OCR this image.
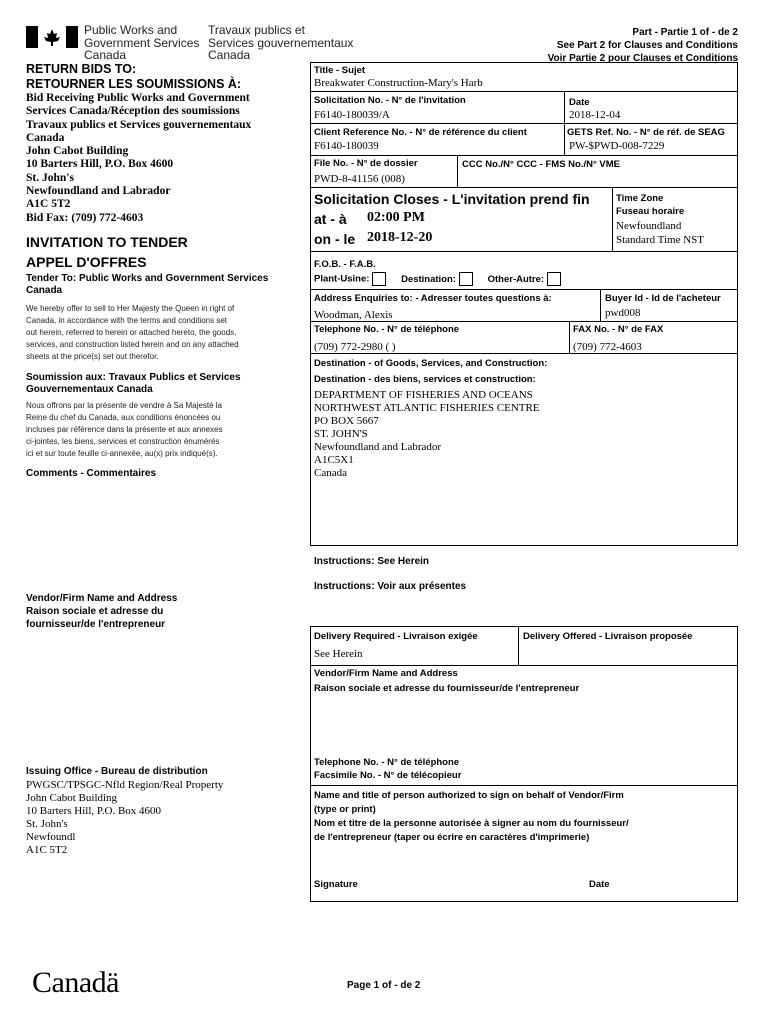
Public Works and
Government Services
Canada
Travaux publics et
Services gouvernementaux
Canada
Part - Partie 1 of - de 2
See Part 2 for Clauses and Conditions
Voir Partie 2 pour Clauses et Conditions
RETURN BIDS TO:
RETOURNER LES SOUMISSIONS À:
Bid Receiving Public Works and Government
Services Canada/Réception des soumissions
Travaux publics et Services gouvernementaux
Canada
John Cabot Building
10 Barters Hill, P.O. Box 4600
St. John's
Newfoundland and Labrador
A1C 5T2
Bid Fax: (709) 772-4603
INVITATION TO TENDER
APPEL D'OFFRES
Tender To: Public Works and Government Services Canada
We hereby offer to sell to Her Majesty the Queen in right of
Canada, in accordance with the terms and conditions set
out herein, referred to herein or attached hereto, the goods,
services, and construction listed herein and on any attached
sheets at the price(s) set out therefor.
Soumission aux: Travaux Publics et Services Gouvernementaux Canada
Nous offrons par la présente de vendre à Sa Majesté la
Reine du chef du Canada, aux conditions énoncées ou
incluses par référence dans la présente et aux annexes
ci-jointes, les biens, services et construction énumérés
ici et sur toute feuille ci-annexée, au(x) prix indiqué(s).
Comments - Commentaires
Vendor/Firm Name and Address
Raison sociale et adresse du
fournisseur/de l'entrepreneur
Issuing Office - Bureau de distribution
PWGSC/TPSGC-Nfld Region/Real Property
John Cabot Building
10 Barters Hill, P.O. Box 4600
St. John's
Newfoundl
A1C 5T2
Title - Sujet
Breakwater Construction-Mary's Harb
Solicitation No. - N° de l'invitation
F6140-180039/A
Date
2018-12-04
Client Reference No. - N° de référence du client
F6140-180039
GETS Ref. No. - N° de réf. de SEAG
PW-$PWD-008-7229
File No. - N° de dossier
PWD-8-41156 (008)
CCC No./N° CCC - FMS No./N° VME
Solicitation Closes - L'invitation prend fin
at - à 02:00 PM
on - le 2018-12-20
Time Zone
Fuseau horaire
Newfoundland
Standard Time NST
F.O.B. - F.A.B.
Plant-Usine:	Destination:	Other-Autre:
Address Enquiries to: - Adresser toutes questions à:
Woodman, Alexis
Buyer Id - Id de l'acheteur
pwd008
Telephone No. - N° de téléphone
(709) 772-2980 ( )
FAX No. - N° de FAX
(709) 772-4603
Destination - of Goods, Services, and Construction:
Destination - des biens, services et construction:
DEPARTMENT OF FISHERIES AND OCEANS
NORTHWEST ATLANTIC FISHERIES CENTRE
PO BOX 5667
ST. JOHN'S
Newfoundland and Labrador
A1C5X1
Canada
Instructions: See Herein
Instructions: Voir aux présentes
Delivery Required - Livraison exigée	Delivery Offered - Livraison proposée
See Herein
Vendor/Firm Name and Address
Raison sociale et adresse du fournisseur/de l'entrepreneur
Telephone No. - N° de téléphone
Facsimile No. - N° de télécopieur
Name and title of person authorized to sign on behalf of Vendor/Firm
(type or print)
Nom et titre de la personne autorisée à signer au nom du fournisseur/
de l'entrepreneur (taper ou écrire en caractères d'imprimerie)
Signature	Date
Canadä	Page 1 of - de 2
